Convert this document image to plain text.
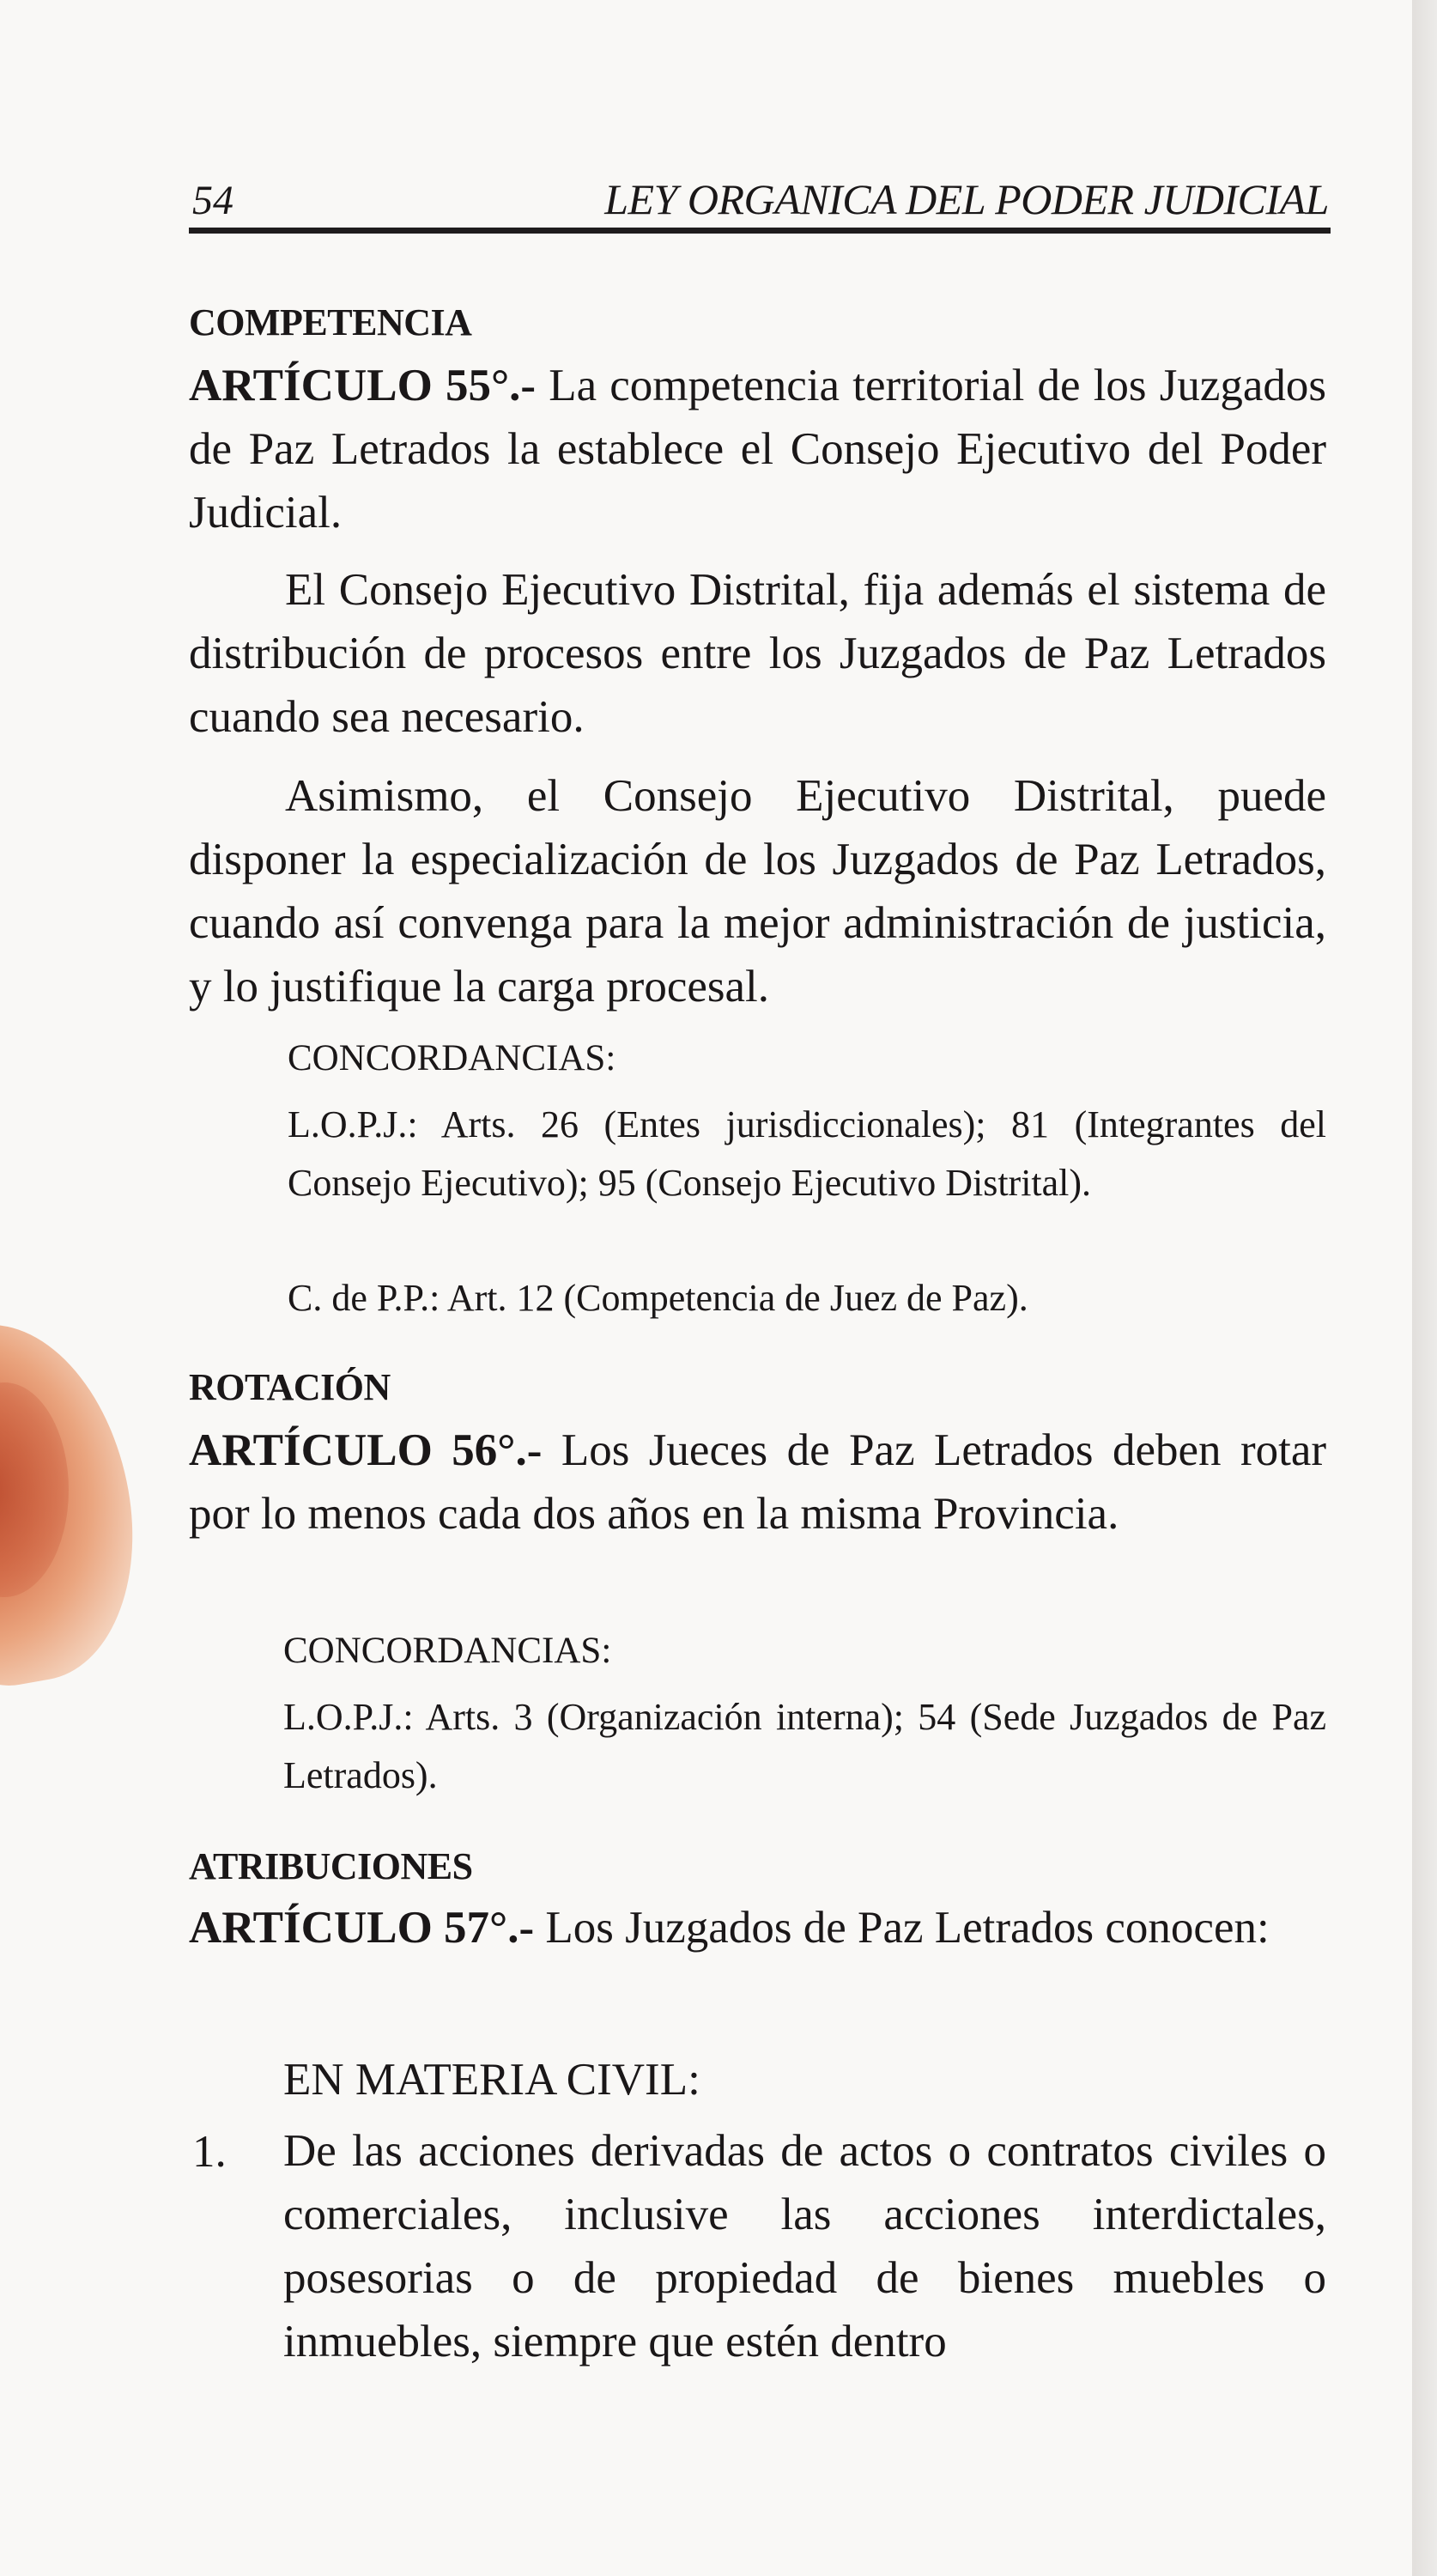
54	LEY ORGANICA DEL PODER JUDICIAL
COMPETENCIA

ARTÍCULO 55°.- La competencia territorial de los Juzgados de Paz Letrados la establece el Consejo Ejecutivo del Poder Judicial.

El Consejo Ejecutivo Distrital, fija además el sistema de distribución de procesos entre los Juzgados de Paz Letrados cuando sea necesario.

Asimismo, el Consejo Ejecutivo Distrital, puede disponer la especialización de los Juzgados de Paz Letrados, cuando así convenga para la mejor administración de justicia, y lo justifique la carga procesal.

CONCORDANCIAS:

L.O.P.J.: Arts. 26 (Entes jurisdiccionales); 81 (Integrantes del Consejo Ejecutivo); 95 (Consejo Ejecutivo Distrital).

C. de P.P.: Art. 12 (Competencia de Juez de Paz).

ROTACIÓN

ARTÍCULO 56°.- Los Jueces de Paz Letrados deben rotar por lo menos cada dos años en la misma Provincia.

CONCORDANCIAS:

L.O.P.J.: Arts. 3 (Organización interna); 54 (Sede Juzgados de Paz Letrados).

ATRIBUCIONES

ARTÍCULO 57°.- Los Juzgados de Paz Letrados conocen:

EN MATERIA CIVIL:
1. De las acciones derivadas de actos o contratos civiles o comerciales, inclusive las acciones interdictales, posesorias o de propiedad de bienes muebles o inmuebles, siempre que estén dentro
